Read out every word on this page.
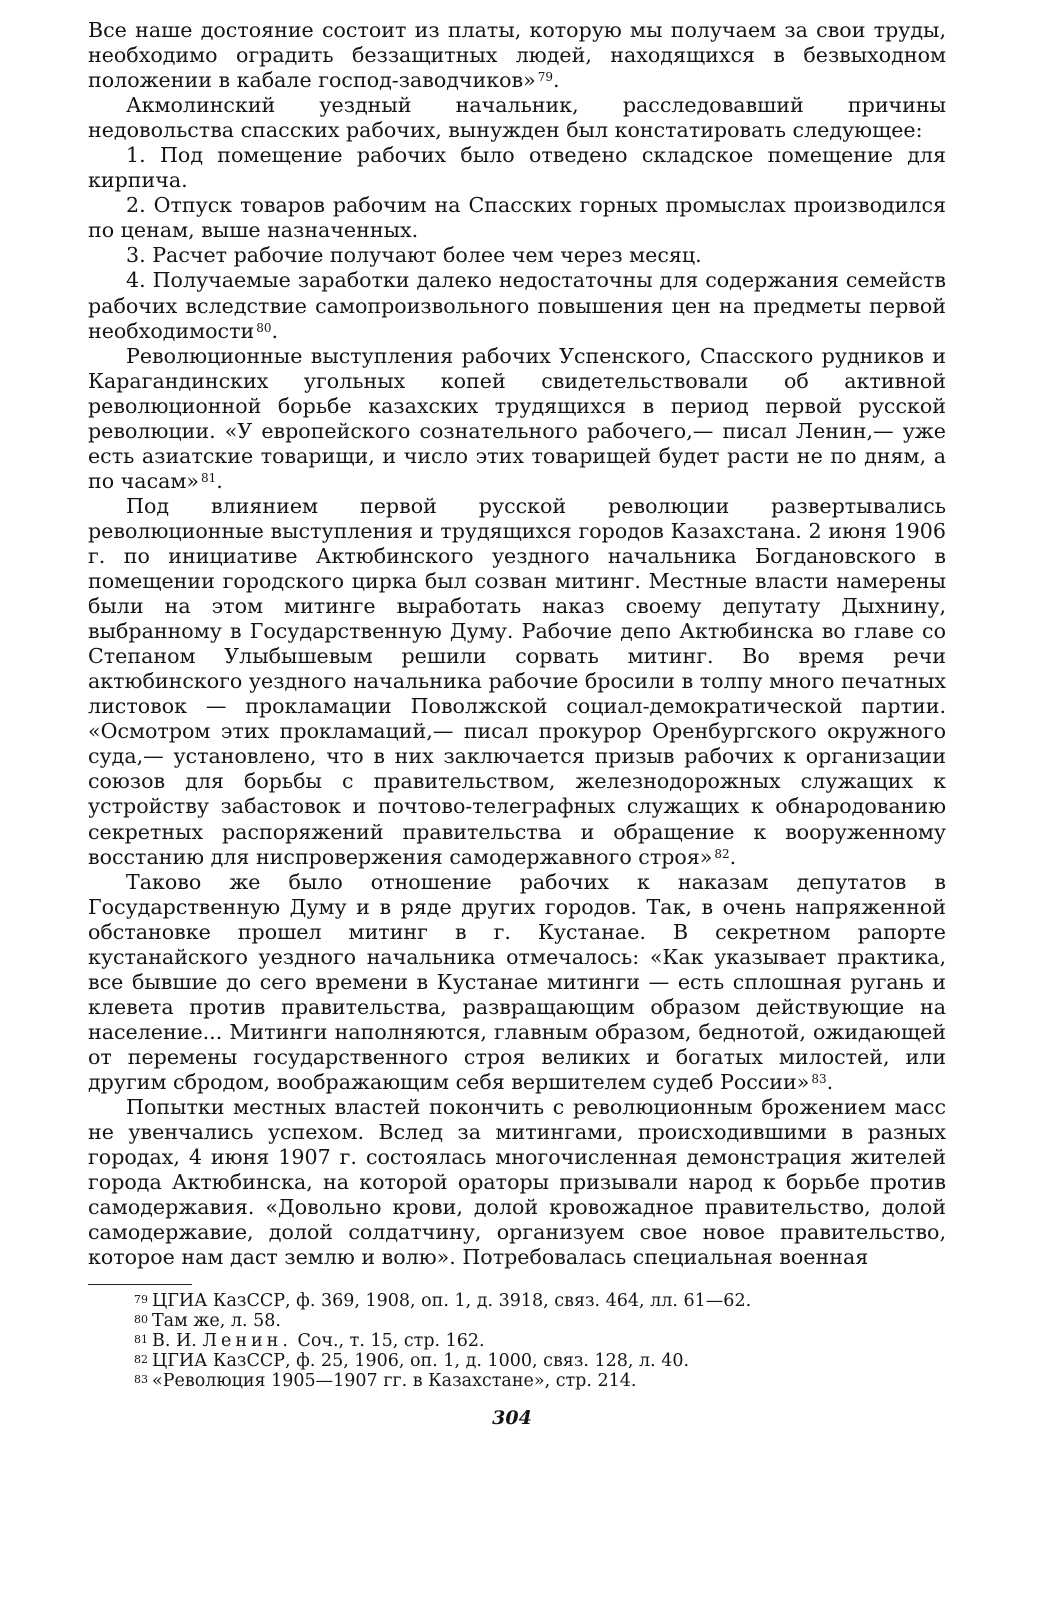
Все наше достояние состоит из платы, которую мы получаем за свои труды, необходимо оградить беззащитных людей, находящихся в безвыходном положении в кабале господ-заводчиков» $^{79}$.

Акмолинский уездный начальник, расследовавший причины недовольства спасских рабочих, вынужден был констатировать следующее:

1. Под помещение рабочих было отведено складское помещение для кирпича.

2. Отпуск товаров рабочим на Спасских горных промыслах производился по ценам, выше назначенных.

3. Расчет рабочие получают более чем через месяц.

4. Получаемые заработки далеко недостаточны для содержания семейств рабочих вследствие самопроизвольного повышения цен на предметы первой необходимости $^{80}$.

Революционные выступления рабочих Успенского, Спасского рудников и Карагандинских угольных копей свидетельствовали об активной революционной борьбе казахских трудящихся в период первой русской революции. «У европейского сознательного рабочего,— писал Ленин,— уже есть азиатские товарищи, и число этих товарищей будет расти не по дням, а по часам» $^{81}$.

Под влиянием первой русской революции развертывались революционные выступления и трудящихся городов Казахстана. 2 июня 1906 г. по инициативе Актюбинского уездного начальника Богдановского в помещении городского цирка был созван митинг. Местные власти намерены были на этом митинге выработать наказ своему депутату Дыхнину, выбранному в Государственную Думу. Рабочие депо Актюбинска во главе со Степаном Улыбышевым решили сорвать митинг. Во время речи актюбинского уездного начальника рабочие бросили в толпу много печатных листовок — прокламации Поволжской социал-демократической партии. «Осмотром этих прокламаций,— писал прокурор Оренбургского окружного суда,— установлено, что в них заключается призыв рабочих к организации союзов для борьбы с правительством, железнодорожных служащих к устройству забастовок и почтово-телеграфных служащих к обнародованию секретных распоряжений правительства и обращение к вооруженному восстанию для ниспровержения самодержавного строя» $^{82}$.

Таково же было отношение рабочих к наказам депутатов в Государственную Думу и в ряде других городов. Так, в очень напряженной обстановке прошел митинг в г. Кустанае. В секретном рапорте кустанайского уездного начальника отмечалось: «Как указывает практика, все бывшие до сего времени в Кустанае митинги — есть сплошная ругань и клевета против правительства, развращающим образом действующие на население... Митинги наполняются, главным образом, беднотой, ожидающей от перемены государственного строя великих и богатых милостей, или другим сбродом, воображающим себя вершителем судеб России» $^{83}$.

Попытки местных властей покончить с революционным брожением масс не увенчались успехом. Вслед за митингами, происходившими в разных городах, 4 июня 1907 г. состоялась многочисленная демонстрация жителей города Актюбинска, на которой ораторы призывали народ к борьбе против самодержавия. «Довольно крови, долой кровожадное правительство, долой самодержавие, долой солдатчину, организуем свое новое правительство, которое нам даст землю и волю». Потребовалась специальная военная

$^{79}$ ЦГИА КазССР, ф. 369, 1908, оп. 1, д. 3918, связ. 464, лл. 61—62.

$^{80}$ Там же, л. 58.

$^{81}$ В. И. Ленин. Соч., т. 15, стр. 162.

$^{82}$ ЦГИА КазССР, ф. 25, 1906, оп. 1, д. 1000, связ. 128, л. 40.

$^{83}$ «Революция 1905—1907 гг. в Казахстане», стр. 214.

304
